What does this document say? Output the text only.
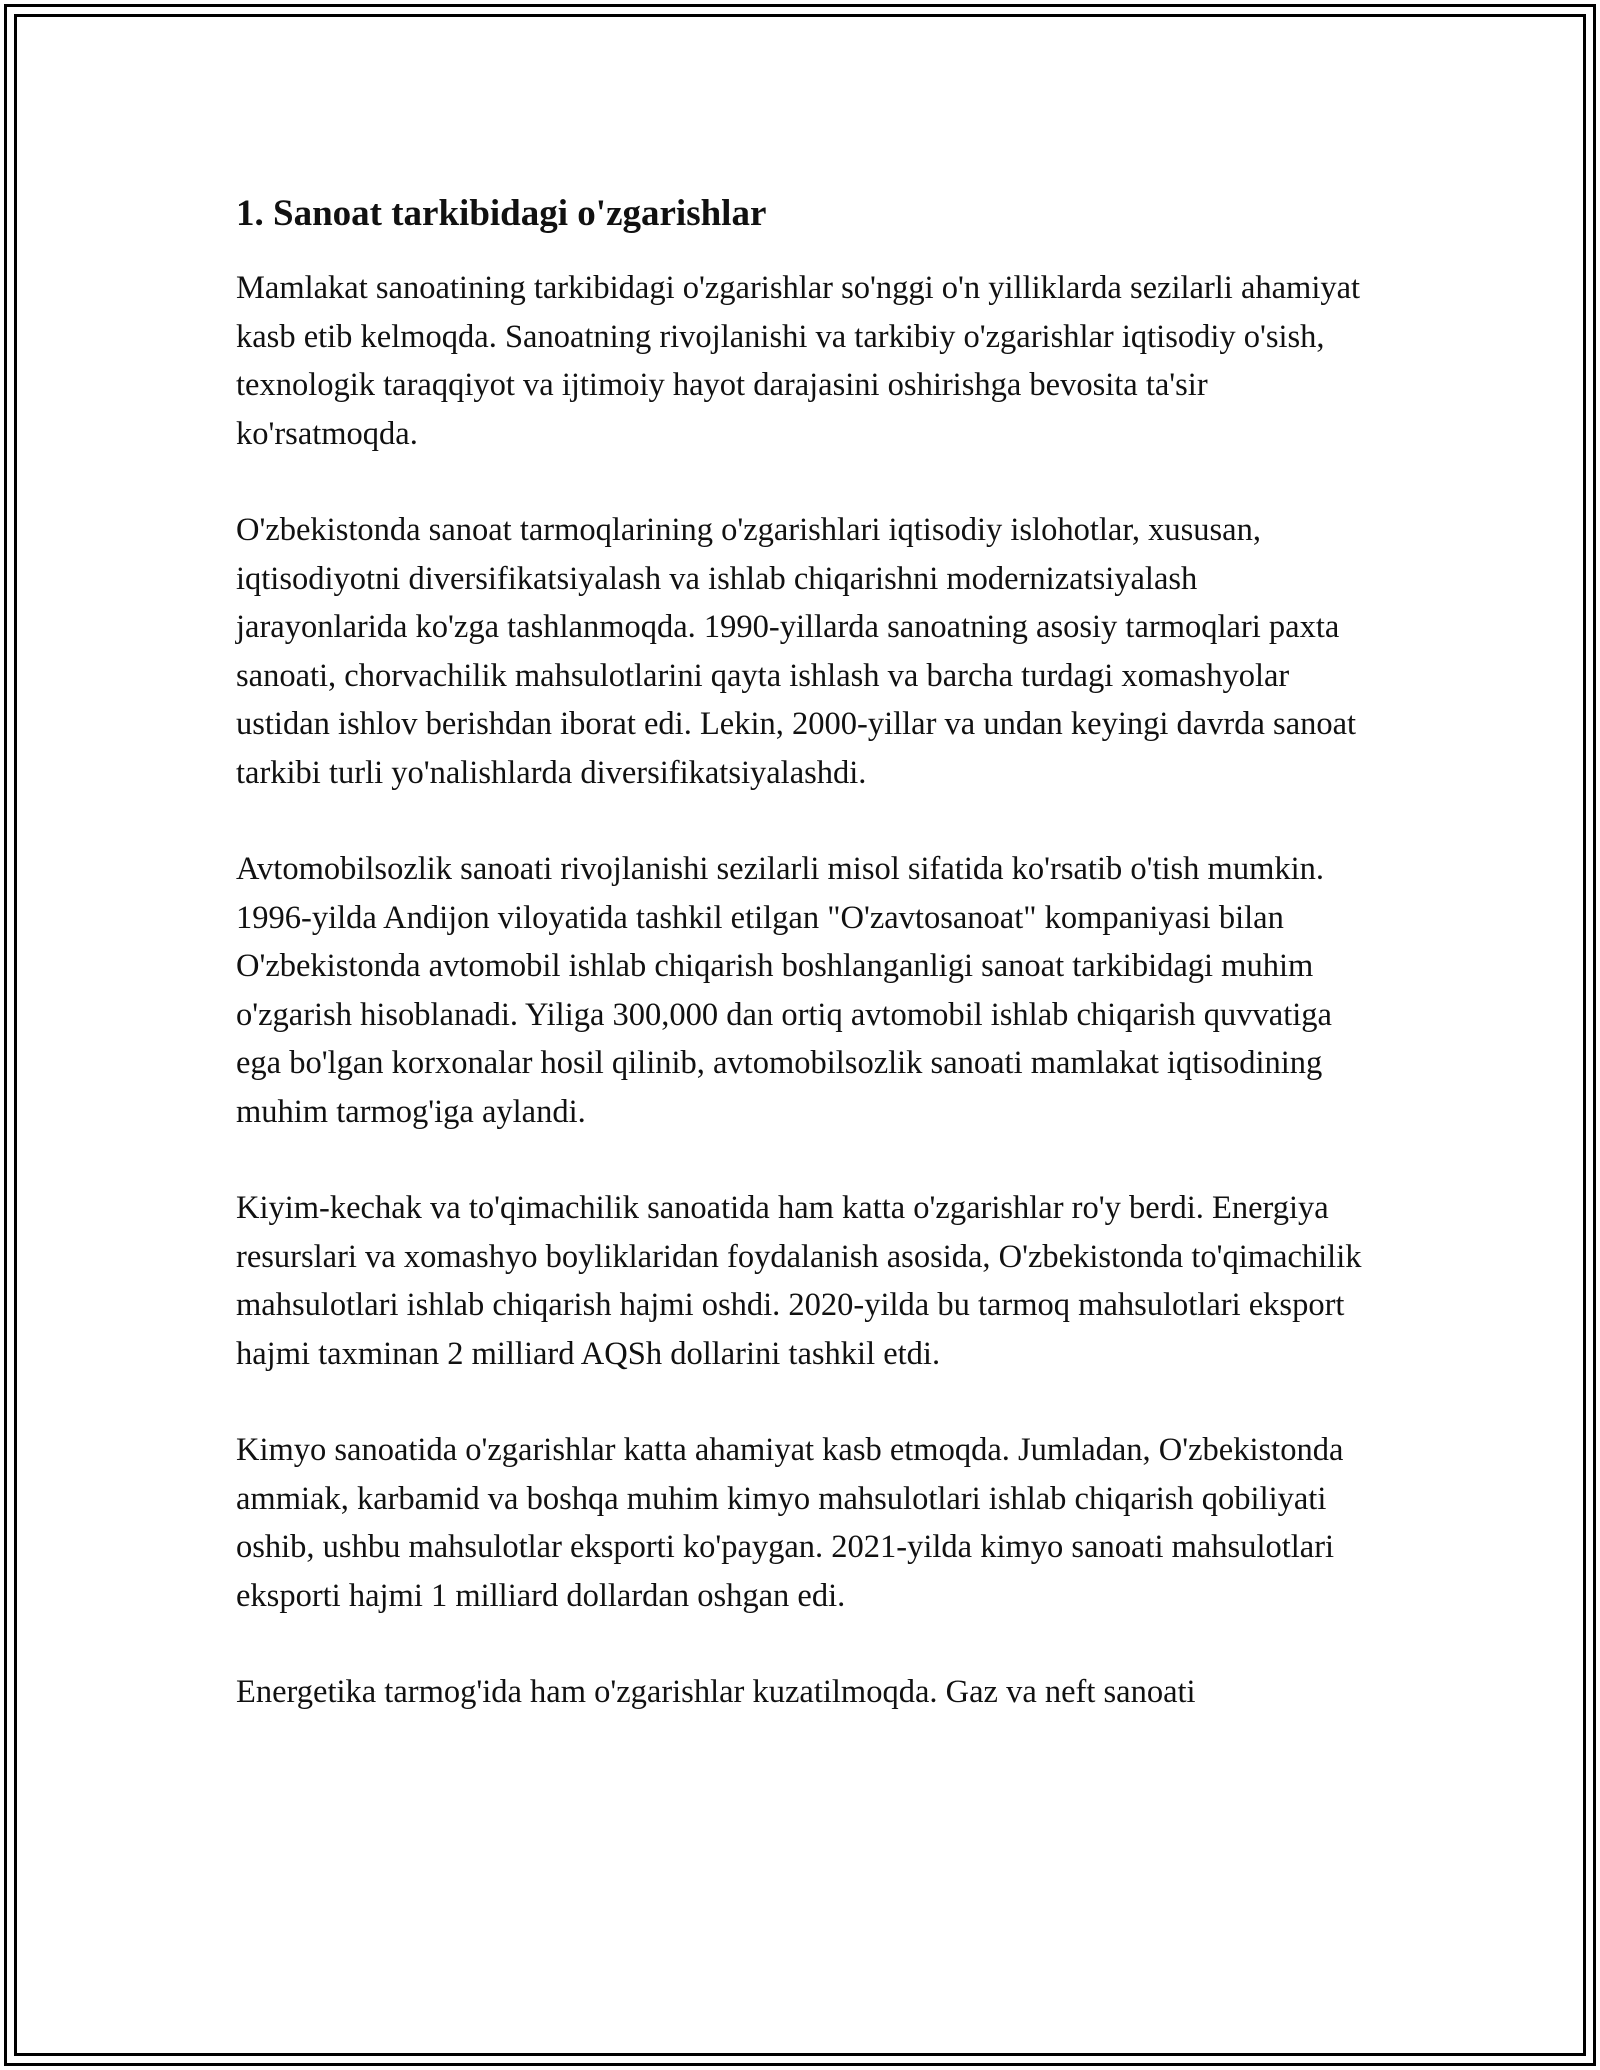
1. Sanoat tarkibidagi o'zgarishlar

Mamlakat sanoatining tarkibidagi o'zgarishlar so'nggi o'n yilliklarda sezilarli ahamiyat kasb etib kelmoqda. Sanoatning rivojlanishi va tarkibiy o'zgarishlar iqtisodiy o'sish, texnologik taraqqiyot va ijtimoiy hayot darajasini oshirishga bevosita ta'sir ko'rsatmoqda.

O'zbekistonda sanoat tarmoqlarining o'zgarishlari iqtisodiy islohotlar, xususan, iqtisodiyotni diversifikatsiyalash va ishlab chiqarishni modernizatsiyalash jarayonlarida ko'zga tashlanmoqda. 1990-yillarda sanoatning asosiy tarmoqlari paxta sanoati, chorvachilik mahsulotlarini qayta ishlash va barcha turdagi xomashyolar ustidan ishlov berishdan iborat edi. Lekin, 2000-yillar va undan keyingi davrda sanoat tarkibi turli yo'nalishlarda diversifikatsiyalashdi.

Avtomobilsozlik sanoati rivojlanishi sezilarli misol sifatida ko'rsatib o'tish mumkin. 1996-yilda Andijon viloyatida tashkil etilgan "O'zavtosanoat" kompaniyasi bilan O'zbekistonda avtomobil ishlab chiqarish boshlanganligi sanoat tarkibidagi muhim o'zgarish hisoblanadi. Yiliga 300,000 dan ortiq avtomobil ishlab chiqarish quvvatiga ega bo'lgan korxonalar hosil qilinib, avtomobilsozlik sanoati mamlakat iqtisodining muhim tarmog'iga aylandi.

Kiyim-kechak va to'qimachilik sanoatida ham katta o'zgarishlar ro'y berdi. Energiya resurslari va xomashyo boyliklaridan foydalanish asosida, O'zbekistonda to'qimachilik mahsulotlari ishlab chiqarish hajmi oshdi. 2020-yilda bu tarmoq mahsulotlari eksport hajmi taxminan 2 milliard AQSh dollarini tashkil etdi.

Kimyo sanoatida o'zgarishlar katta ahamiyat kasb etmoqda. Jumladan, O'zbekistonda ammiak, karbamid va boshqa muhim kimyo mahsulotlari ishlab chiqarish qobiliyati oshib, ushbu mahsulotlar eksporti ko'paygan. 2021-yilda kimyo sanoati mahsulotlari eksporti hajmi 1 milliard dollardan oshgan edi.

Energetika tarmog'ida ham o'zgarishlar kuzatilmoqda. Gaz va neft sanoati
